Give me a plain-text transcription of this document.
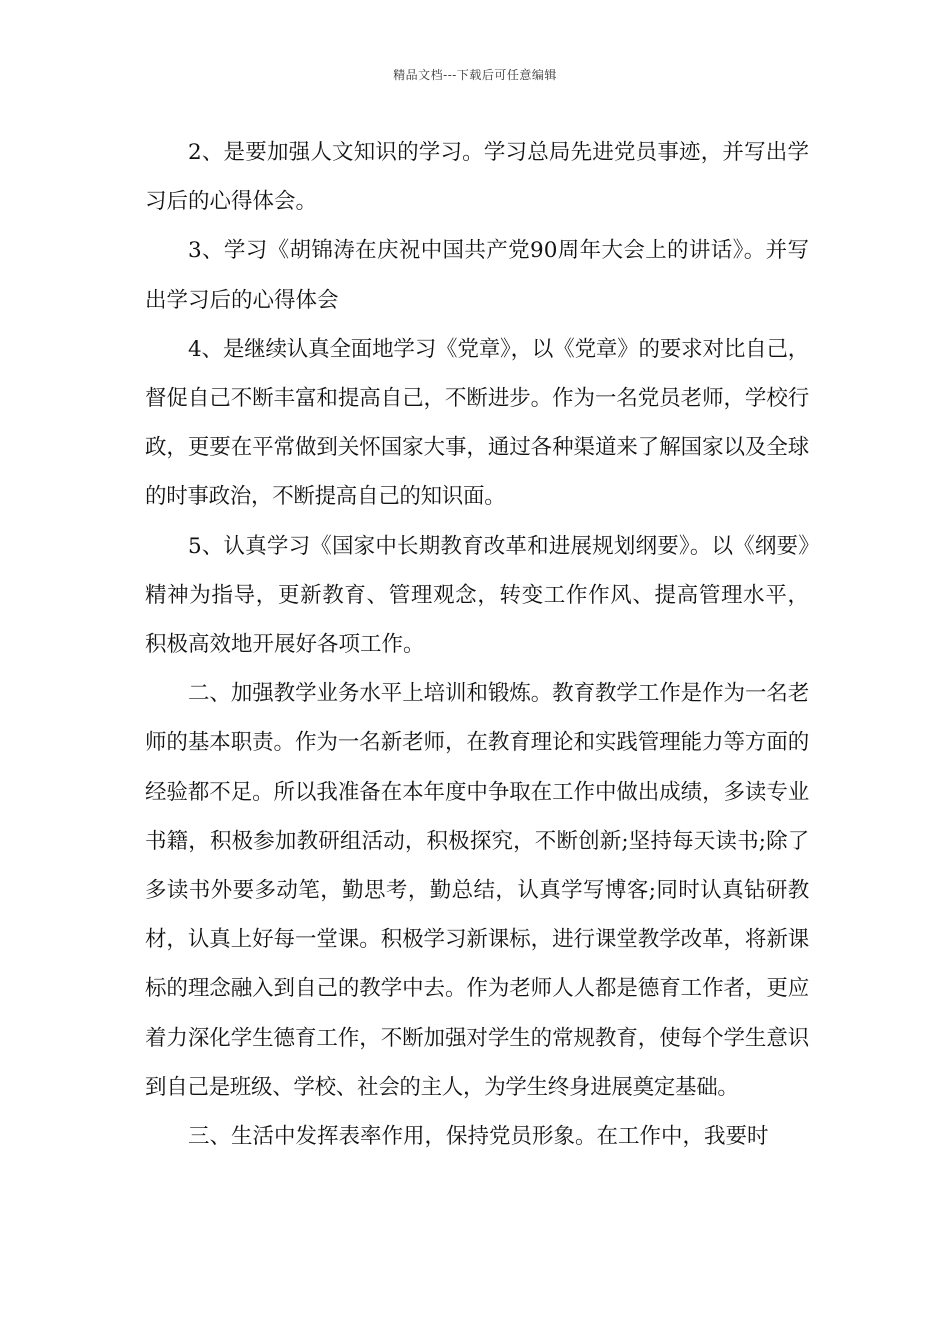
精品文档---下载后可任意编辑

2、是要加强人文知识的学习。学习总局先进党员事迹，并写出学习后的心得体会。

3、学习《胡锦涛在庆祝中国共产党90周年大会上的讲话》。并写出学习后的心得体会

4、是继续认真全面地学习《党章》，以《党章》的要求对比自己，督促自己不断丰富和提高自己，不断进步。作为一名党员老师，学校行政，更要在平常做到关怀国家大事，通过各种渠道来了解国家以及全球的时事政治，不断提高自己的知识面。

5、认真学习《国家中长期教育改革和进展规划纲要》。以《纲要》精神为指导，更新教育、管理观念，转变工作作风、提高管理水平，积极高效地开展好各项工作。

二、加强教学业务水平上培训和锻炼。教育教学工作是作为一名老师的基本职责。作为一名新老师，在教育理论和实践管理能力等方面的经验都不足。所以我准备在本年度中争取在工作中做出成绩，多读专业书籍，积极参加教研组活动，积极探究，不断创新;坚持每天读书;除了多读书外要多动笔，勤思考，勤总结，认真学写博客;同时认真钻研教材，认真上好每一堂课。积极学习新课标，进行课堂教学改革，将新课标的理念融入到自己的教学中去。作为老师人人都是德育工作者，更应着力深化学生德育工作，不断加强对学生的常规教育，使每个学生意识到自己是班级、学校、社会的主人，为学生终身进展奠定基础。

三、生活中发挥表率作用，保持党员形象。在工作中，我要时
